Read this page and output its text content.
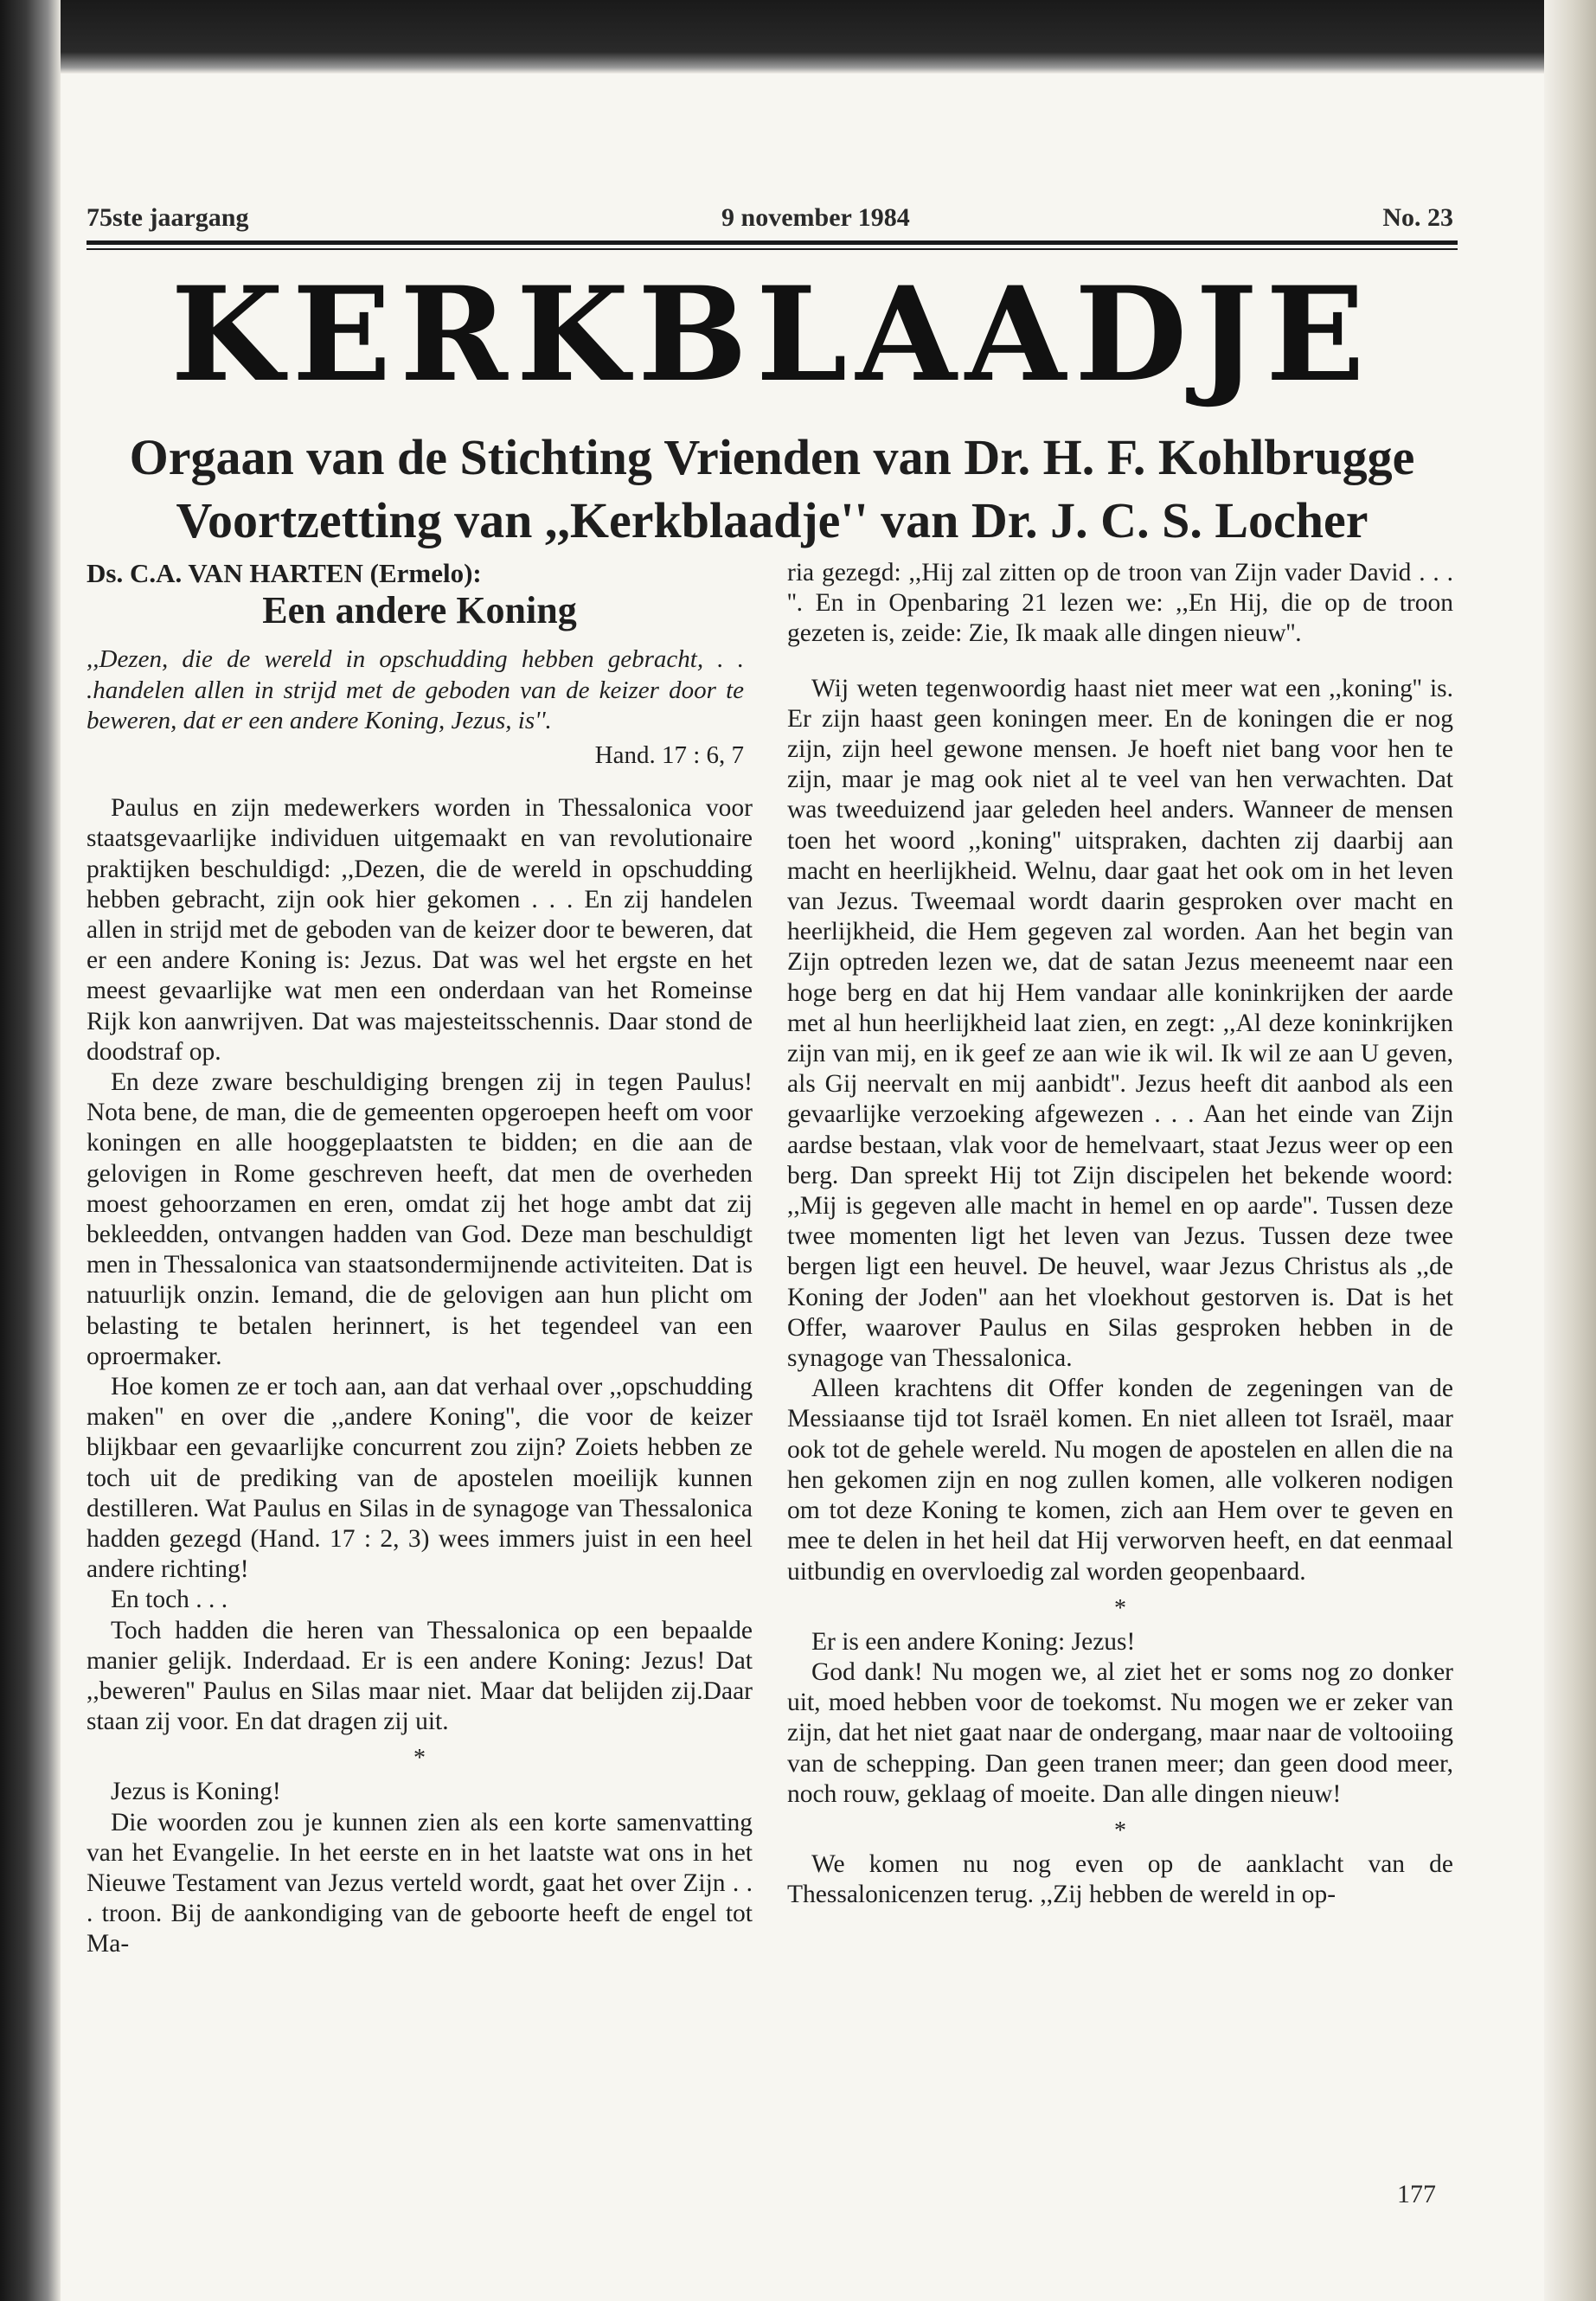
75ste jaargang	9 november 1984	No. 23
KERKBLAADJE
Orgaan van de Stichting Vrienden van Dr. H. F. Kohlbrugge
Voortzetting van ,,Kerkblaadje'' van Dr. J. C. S. Locher
Ds. C.A. VAN HARTEN (Ermelo):
Een andere Koning

,,Dezen, die de wereld in opschudding hebben gebracht, . . .handelen allen in strijd met de geboden van de keizer door te beweren, dat er een andere Koning, Jezus, is''.

Hand. 17 : 6, 7

Paulus en zijn medewerkers worden in Thessalonica voor staatsgevaarlijke individuen uitgemaakt en van revolutionaire praktijken beschuldigd: ,,Dezen, die de wereld in opschudding hebben gebracht, zijn ook hier gekomen . . . En zij handelen allen in strijd met de geboden van de keizer door te beweren, dat er een andere Koning is: Jezus. Dat was wel het ergste en het meest gevaarlijke wat men een onderdaan van het Romeinse Rijk kon aanwrijven. Dat was majesteitsschennis. Daar stond de doodstraf op.

En deze zware beschuldiging brengen zij in tegen Paulus! Nota bene, de man, die de gemeenten opgeroepen heeft om voor koningen en alle hooggeplaatsten te bidden; en die aan de gelovigen in Rome geschreven heeft, dat men de overheden moest gehoorzamen en eren, omdat zij het hoge ambt dat zij bekleedden, ontvangen hadden van God. Deze man beschuldigt men in Thessalonica van staatsondermijnende activiteiten. Dat is natuurlijk onzin. Iemand, die de gelovigen aan hun plicht om belasting te betalen herinnert, is het tegendeel van een oproermaker.

Hoe komen ze er toch aan, aan dat verhaal over ,,opschudding maken'' en over die ,,andere Koning'', die voor de keizer blijkbaar een gevaarlijke concurrent zou zijn? Zoiets hebben ze toch uit de prediking van de apostelen moeilijk kunnen destilleren. Wat Paulus en Silas in de synagoge van Thessalonica hadden gezegd (Hand. 17 : 2, 3) wees immers juist in een heel andere richting!

En toch . . .

Toch hadden die heren van Thessalonica op een bepaalde manier gelijk. Inderdaad. Er is een andere Koning: Jezus! Dat ,,beweren'' Paulus en Silas maar niet. Maar dat belijden zij.Daar staan zij voor. En dat dragen zij uit.

*

Jezus is Koning!

Die woorden zou je kunnen zien als een korte samenvatting van het Evangelie. In het eerste en in het laatste wat ons in het Nieuwe Testament van Jezus verteld wordt, gaat het over Zijn . . . troon. Bij de aankondiging van de geboorte heeft de engel tot Ma-

ria gezegd: ,,Hij zal zitten op de troon van Zijn vader David . . . ''. En in Openbaring 21 lezen we: ,,En Hij, die op de troon gezeten is, zeide: Zie, Ik maak alle dingen nieuw''.

Wij weten tegenwoordig haast niet meer wat een ,,koning'' is. Er zijn haast geen koningen meer. En de koningen die er nog zijn, zijn heel gewone mensen. Je hoeft niet bang voor hen te zijn, maar je mag ook niet al te veel van hen verwachten. Dat was tweeduizend jaar geleden heel anders. Wanneer de mensen toen het woord ,,koning'' uitspraken, dachten zij daarbij aan macht en heerlijkheid. Welnu, daar gaat het ook om in het leven van Jezus. Tweemaal wordt daarin gesproken over macht en heerlijkheid, die Hem gegeven zal worden. Aan het begin van Zijn optreden lezen we, dat de satan Jezus meeneemt naar een hoge berg en dat hij Hem vandaar alle koninkrijken der aarde met al hun heerlijkheid laat zien, en zegt: ,,Al deze koninkrijken zijn van mij, en ik geef ze aan wie ik wil. Ik wil ze aan U geven, als Gij neervalt en mij aanbidt''. Jezus heeft dit aanbod als een gevaarlijke verzoeking afgewezen . . . Aan het einde van Zijn aardse bestaan, vlak voor de hemelvaart, staat Jezus weer op een berg. Dan spreekt Hij tot Zijn discipelen het bekende woord: ,,Mij is gegeven alle macht in hemel en op aarde''. Tussen deze twee momenten ligt het leven van Jezus. Tussen deze twee bergen ligt een heuvel. De heuvel, waar Jezus Christus als ,,de Koning der Joden'' aan het vloekhout gestorven is. Dat is het Offer, waarover Paulus en Silas gesproken hebben in de synagoge van Thessalonica.

Alleen krachtens dit Offer konden de zegeningen van de Messiaanse tijd tot Israël komen. En niet alleen tot Israël, maar ook tot de gehele wereld. Nu mogen de apostelen en allen die na hen gekomen zijn en nog zullen komen, alle volkeren nodigen om tot deze Koning te komen, zich aan Hem over te geven en mee te delen in het heil dat Hij verworven heeft, en dat eenmaal uitbundig en overvloedig zal worden geopenbaard.

*

Er is een andere Koning: Jezus!

God dank! Nu mogen we, al ziet het er soms nog zo donker uit, moed hebben voor de toekomst. Nu mogen we er zeker van zijn, dat het niet gaat naar de ondergang, maar naar de voltooiing van de schepping. Dan geen tranen meer; dan geen dood meer, noch rouw, geklaag of moeite. Dan alle dingen nieuw!

*

We komen nu nog even op de aanklacht van de Thessalonicenzen terug. ,,Zij hebben de wereld in op-

177
